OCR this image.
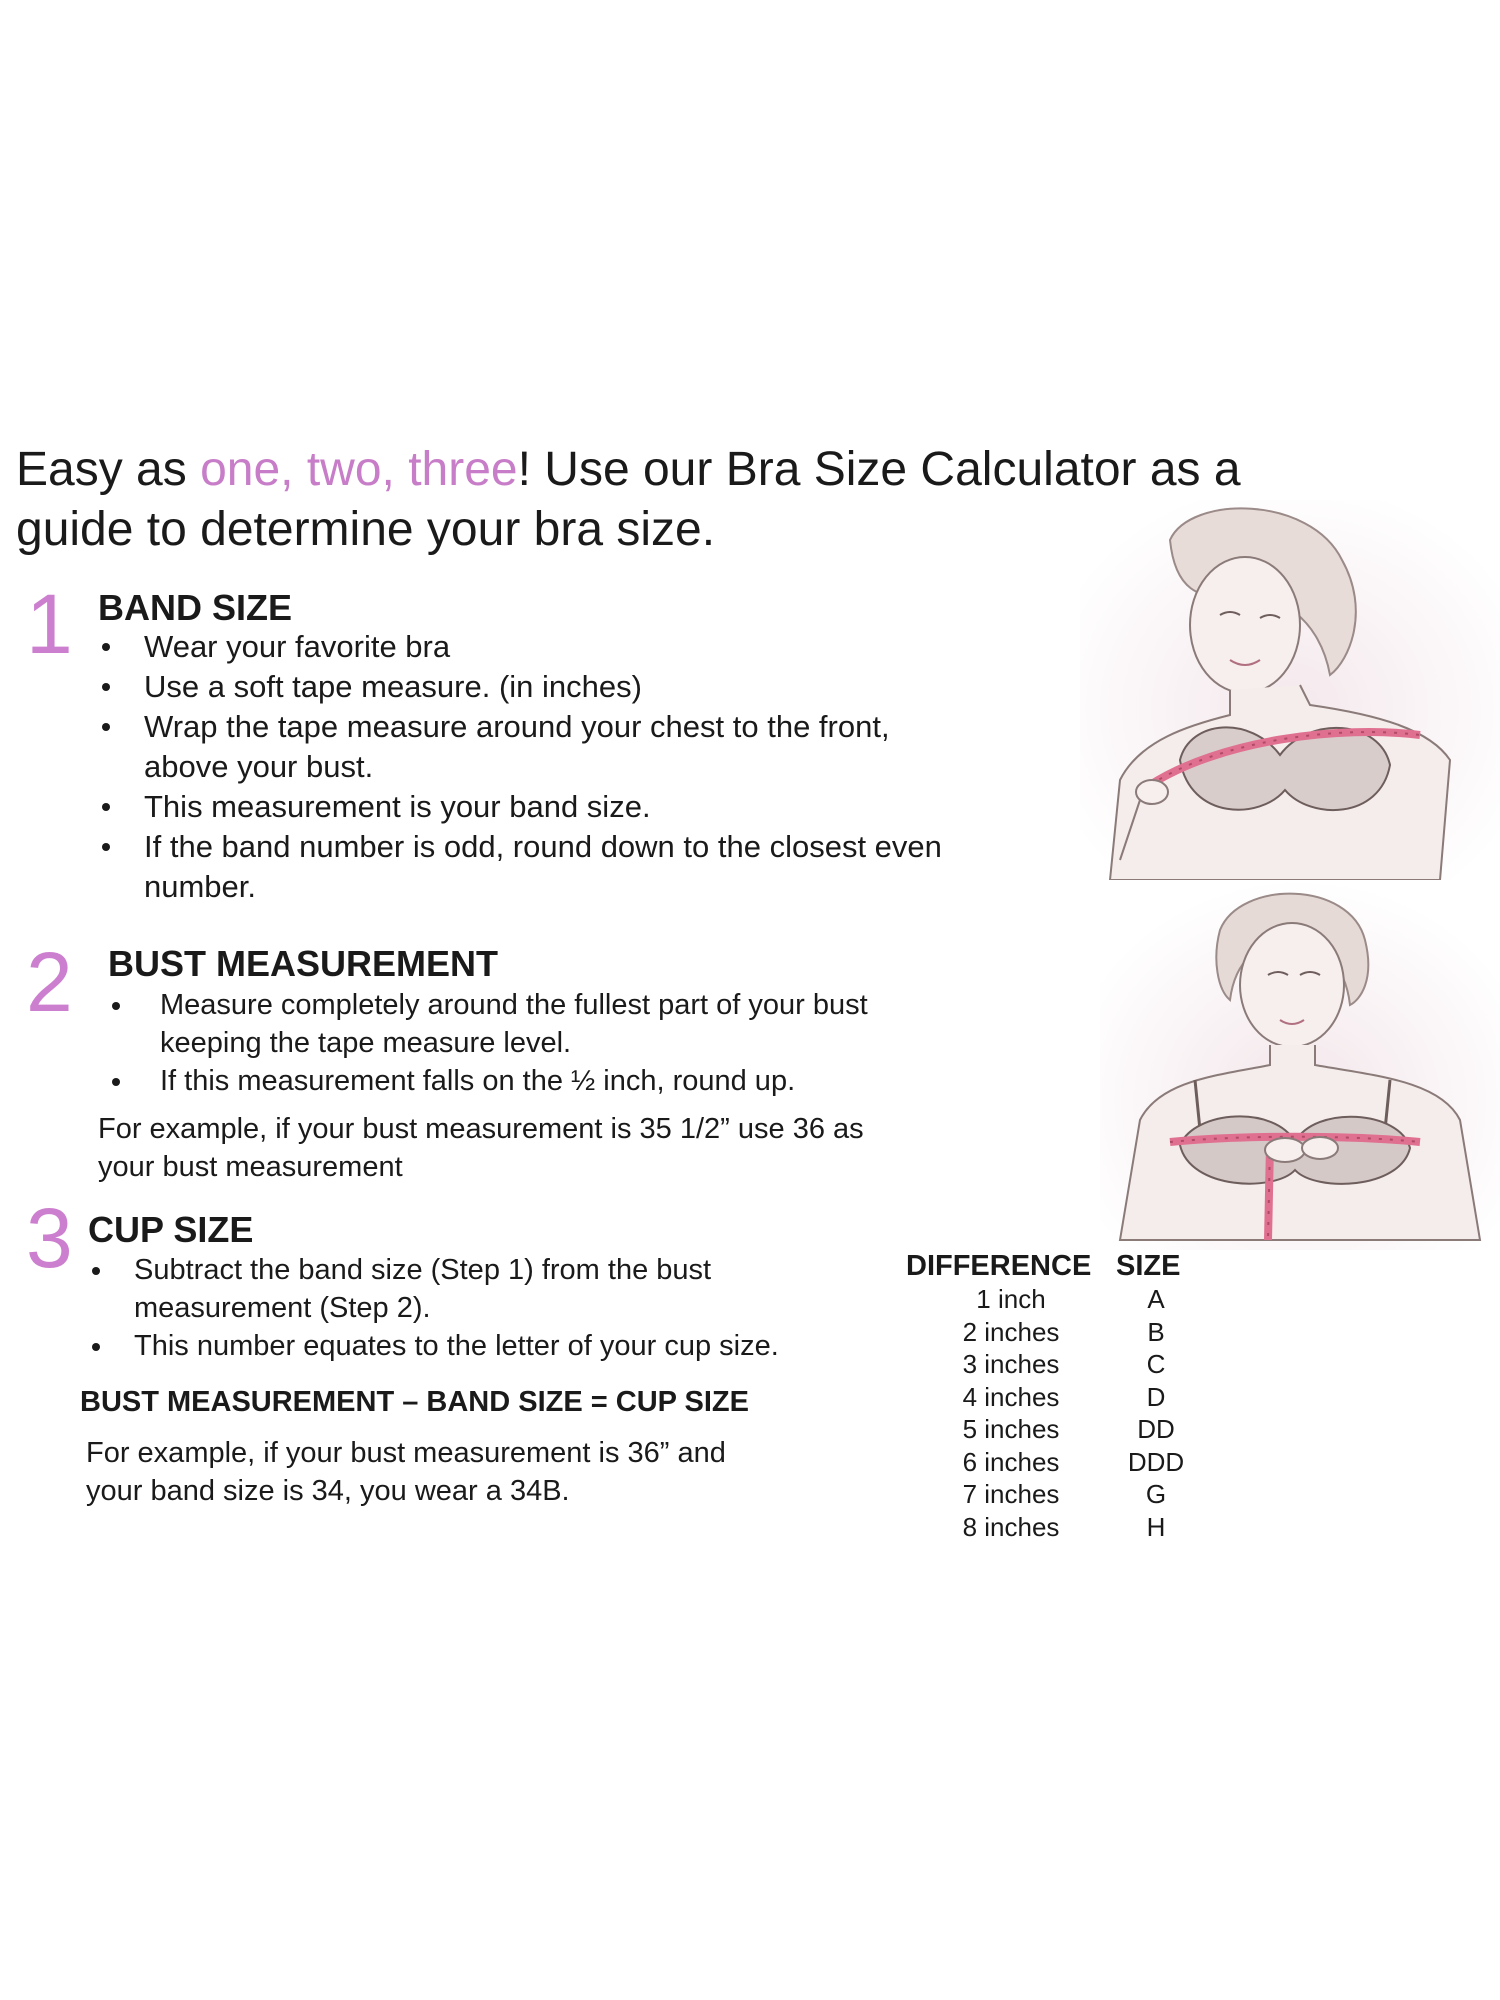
Easy as one, two, three! Use our Bra Size Calculator as a guide to determine your bra size.
1 BAND SIZE
Wear your favorite bra
Use a soft tape measure. (in inches)
Wrap the tape measure around your chest to the front, above your bust.
This measurement is your band size.
If the band number is odd, round down to the closest even number.
2 BUST MEASUREMENT
Measure completely around the fullest part of your bust keeping the tape measure level.
If this measurement falls on the ½ inch, round up.
For example, if your bust measurement is 35 1/2” use 36 as your bust measurement
3 CUP SIZE
Subtract the band size (Step 1) from the bust measurement (Step 2).
This number equates to the letter of your cup size.
BUST MEASUREMENT – BAND SIZE = CUP SIZE
For example, if your bust measurement is 36” and your band size is 34, you wear a 34B.
DIFFERENCE	SIZE
1 inch	A
2 inches	B
3 inches	C
4 inches	D
5 inches	DD
6 inches	DDD
7 inches	G
8 inches	H
